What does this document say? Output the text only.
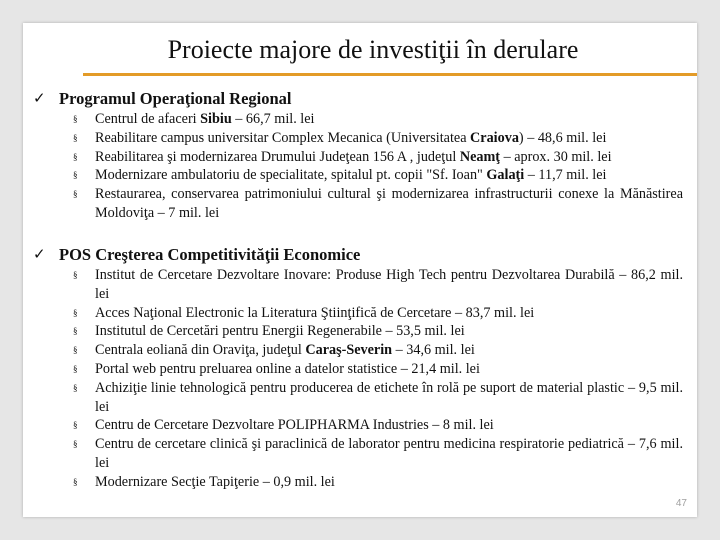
Proiecte majore de investiţii în derulare
✓ Programul Operaţional Regional
§ Centrul de afaceri Sibiu – 66,7 mil. lei
§ Reabilitare campus universitar Complex Mecanica (Universitatea Craiova) – 48,6 mil. lei
§ Reabilitarea şi modernizarea Drumului Judeţean 156 A , judeţul Neamţ – aprox. 30 mil. lei
§ Modernizare ambulatoriu de specialitate, spitalul pt. copii "Sf. Ioan" Galaţi – 11,7 mil. lei
§ Restaurarea, conservarea patrimoniului cultural şi modernizarea infrastructurii conexe la Mănăstirea Moldoviţa – 7 mil. lei
✓ POS Creşterea Competitivităţii Economice
§ Institut de Cercetare Dezvoltare Inovare: Produse High Tech pentru Dezvoltarea Durabilă – 86,2 mil. lei
§ Acces Naţional Electronic la Literatura Ştiinţifică de Cercetare – 83,7 mil. lei
§ Institutul de Cercetări pentru Energii Regenerabile – 53,5 mil. lei
§ Centrala eoliană din Oraviţa, judeţul Caraş-Severin – 34,6 mil. lei
§ Portal web pentru preluarea online a datelor statistice – 21,4 mil. lei
§ Achiziţie linie tehnologică pentru producerea de etichete în rolă pe suport de material plastic – 9,5 mil. lei
§ Centru de Cercetare Dezvoltare POLIPHARMA Industries – 8 mil. lei
§ Centru de cercetare clinică şi paraclinică de laborator pentru medicina respiratorie pediatrică – 7,6 mil. lei
§ Modernizare Secţie Tapiţerie – 0,9 mil. lei
47
